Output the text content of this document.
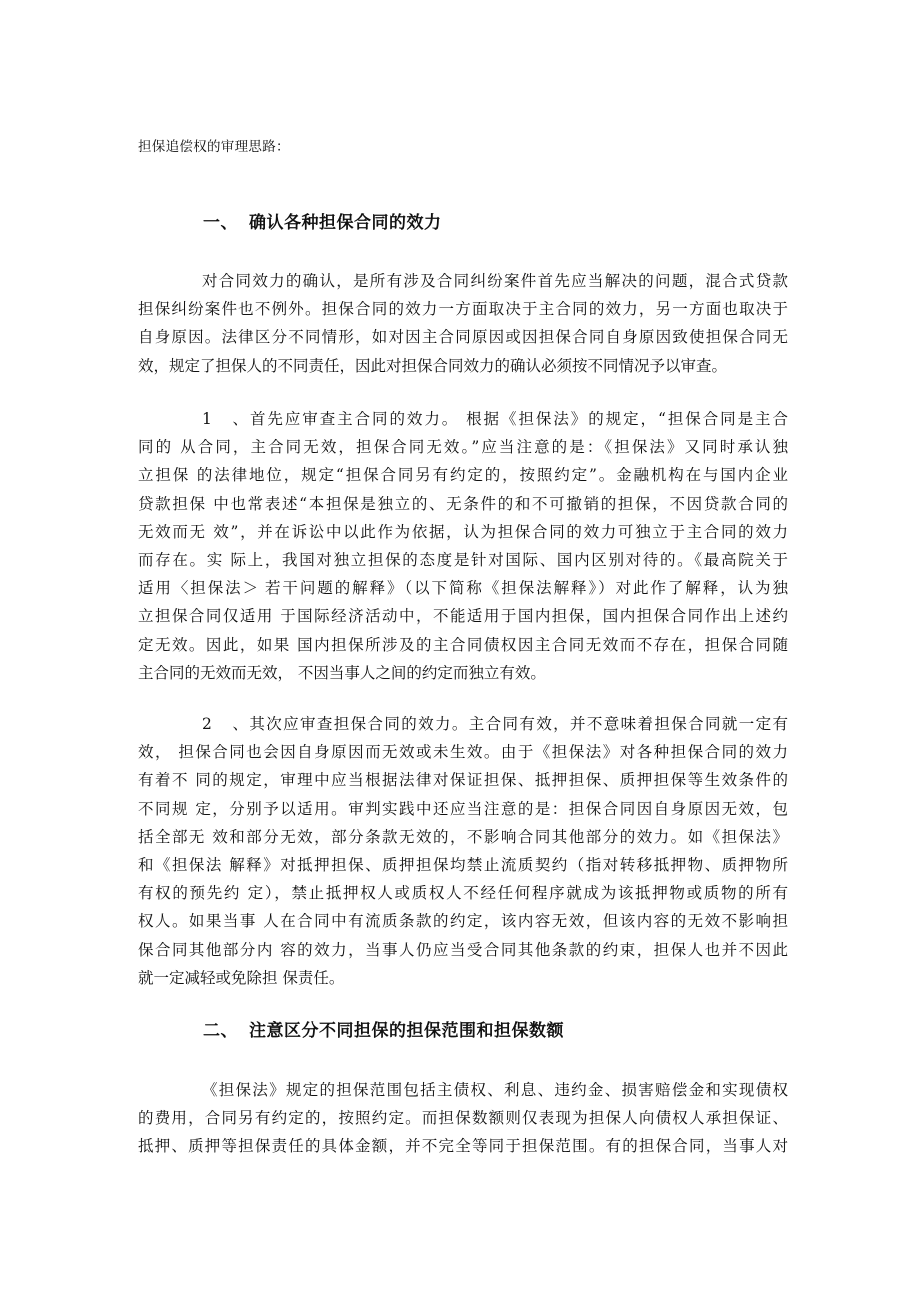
担保追偿权的审理思路：
一、 确认各种担保合同的效力
对合同效力的确认，是所有涉及合同纠纷案件首先应当解决的问题，混合式贷款
担保纠纷案件也不例外。担保合同的效力一方面取决于主合同的效力，另一方面也取决于
自身原因。法律区分不同情形，如对因主合同原因或因担保合同自身原因致使担保合同无
效，规定了担保人的不同责任，因此对担保合同效力的确认必须按不同情况予以审查。
1、首先应审查主合同的效力。 根据《担保法》的规定，“担保合同是主合
同的 从合同，主合同无效，担保合同无效。”应当注意的是：《担保法》又同时承认独
立担保 的法律地位，规定“担保合同另有约定的，按照约定”。金融机构在与国内企业
贷款担保 中也常表述“本担保是独立的、无条件的和不可撤销的担保，不因贷款合同的
无效而无 效”，并在诉讼中以此作为依据，认为担保合同的效力可独立于主合同的效力
而存在。实 际上，我国对独立担保的态度是针对国际、国内区别对待的。《最高院关于
适用〈担保法＞ 若干问题的解释》（以下简称《担保法解释》）对此作了解释，认为独
立担保合同仅适用 于国际经济活动中，不能适用于国内担保，国内担保合同作出上述约
定无效。因此，如果 国内担保所涉及的主合同债权因主合同无效而不存在，担保合同随
主合同的无效而无效， 不因当事人之间的约定而独立有效。
2、其次应审查担保合同的效力。主合同有效，并不意味着担保合同就一定有
效， 担保合同也会因自身原因而无效或未生效。由于《担保法》对各种担保合同的效力
有着不 同的规定，审理中应当根据法律对保证担保、抵押担保、质押担保等生效条件的
不同规 定，分别予以适用。审判实践中还应当注意的是：担保合同因自身原因无效，包
括全部无 效和部分无效，部分条款无效的，不影响合同其他部分的效力。如《担保法》
和《担保法 解释》对抵押担保、质押担保均禁止流质契约（指对转移抵押物、质押物所
有权的预先约 定），禁止抵押权人或质权人不经任何程序就成为该抵押物或质物的所有
权人。如果当事 人在合同中有流质条款的约定，该内容无效，但该内容的无效不影响担
保合同其他部分内 容的效力，当事人仍应当受合同其他条款的约束，担保人也并不因此
就一定减轻或免除担 保责任。
二、 注意区分不同担保的担保范围和担保数额
《担保法》规定的担保范围包括主债权、利息、违约金、损害赔偿金和实现债权
的费用，合同另有约定的，按照约定。而担保数额则仅表现为担保人向债权人承担保证、
抵押、质押等担保责任的具体金额，并不完全等同于担保范围。有的担保合同，当事人对
